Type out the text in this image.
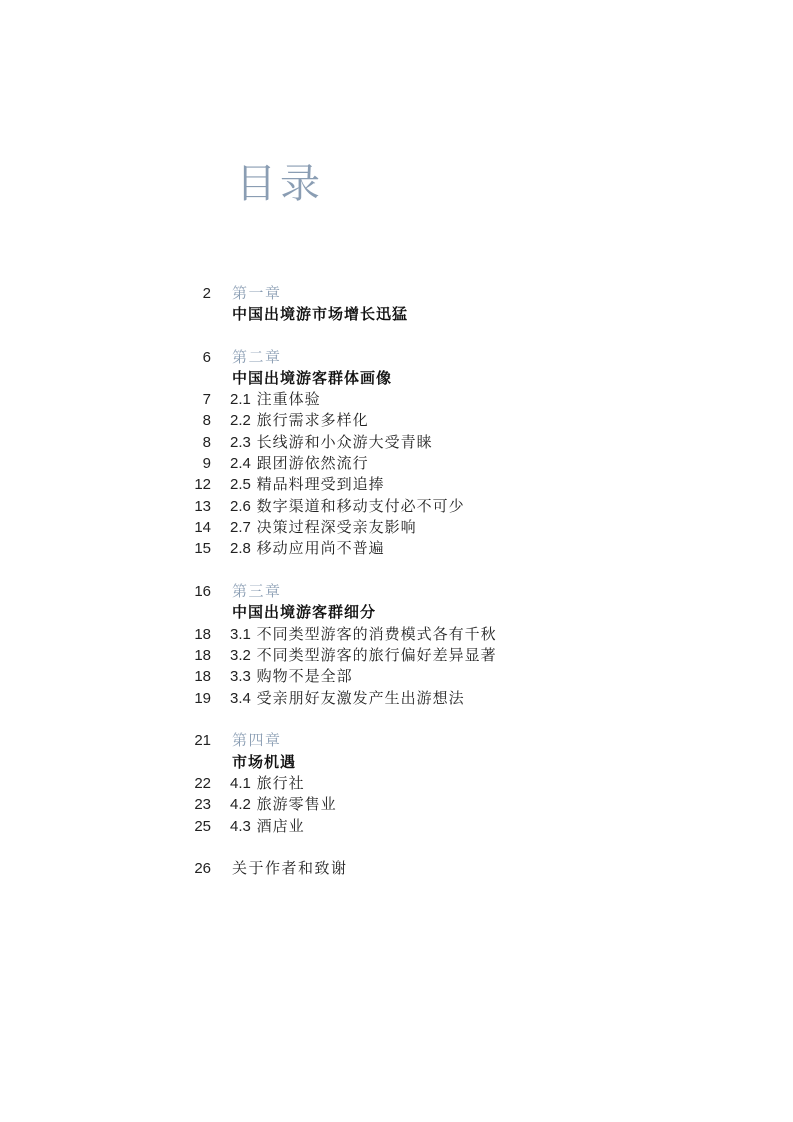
目录
2 第一章
中国出境游市场增长迅猛
6 第二章
中国出境游客群体画像
7 2.1 注重体验
8 2.2 旅行需求多样化
8 2.3 长线游和小众游大受青睐
9 2.4 跟团游依然流行
12 2.5 精品料理受到追捧
13 2.6 数字渠道和移动支付必不可少
14 2.7 决策过程深受亲友影响
15 2.8 移动应用尚不普遍
16 第三章
中国出境游客群细分
18 3.1 不同类型游客的消费模式各有千秋
18 3.2 不同类型游客的旅行偏好差异显著
18 3.3 购物不是全部
19 3.4 受亲朋好友激发产生出游想法
21 第四章
市场机遇
22 4.1 旅行社
23 4.2 旅游零售业
25 4.3 酒店业
26 关于作者和致谢
